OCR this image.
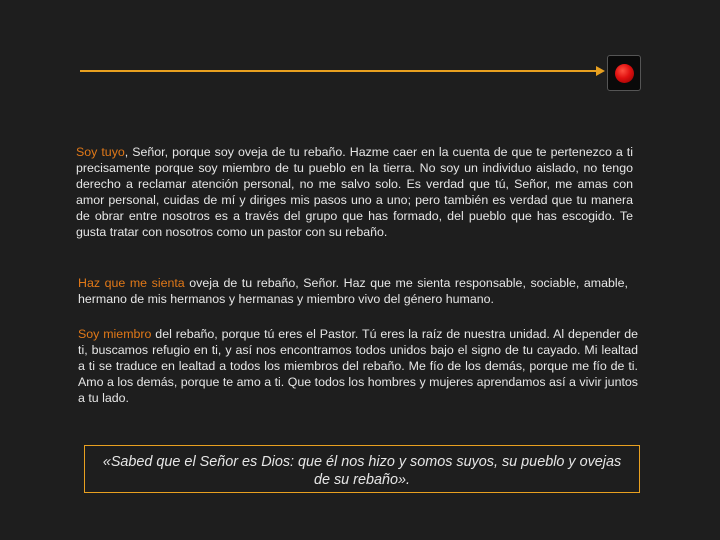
Soy tuyo, Señor, porque soy oveja de tu rebaño. Hazme caer en la cuenta de que te pertenezco a ti precisamente porque soy miembro de tu pueblo en la tierra. No soy un individuo aislado, no tengo derecho a reclamar atención personal, no me salvo solo. Es verdad que tú, Señor, me amas con amor personal, cuidas de mí y diriges mis pasos uno a uno; pero también es verdad que tu manera de obrar entre nosotros es a través del grupo que has formado, del pueblo que has escogido. Te gusta tratar con nosotros como un pastor con su rebaño.

Haz que me sienta oveja de tu rebaño, Señor. Haz que me sienta responsable, sociable, amable, hermano de mis hermanos y hermanas y miembro vivo del género humano.

Soy miembro del rebaño, porque tú eres el Pastor. Tú eres la raíz de nuestra unidad. Al depender de ti, buscamos refugio en ti, y así nos encontramos todos unidos bajo el signo de tu cayado. Mi lealtad a ti se traduce en lealtad a todos los miembros del rebaño. Me fío de los demás, porque me fío de ti. Amo a los demás, porque te amo a ti. Que todos los hombres y mujeres aprendamos así a vivir juntos a tu lado.

«Sabed que el Señor es Dios: que él nos hizo y somos suyos, su pueblo y ovejas de su rebaño».
